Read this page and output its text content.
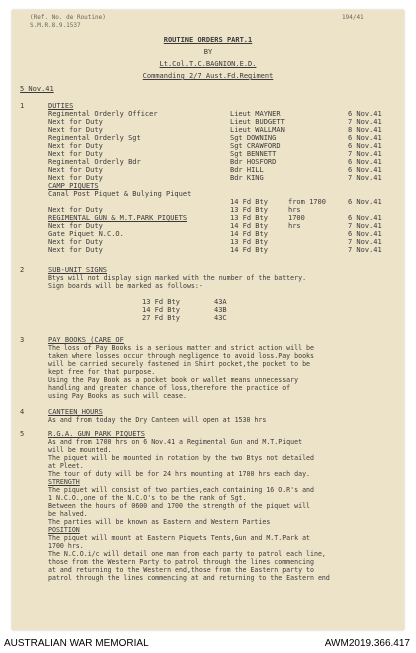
(Ref. No. de Routine)
S.M.R.8.9.1537
194/41
ROUTINE ORDERS PART.1
BY
Lt.Col.T.C.BAGNION.E.D.
Commanding 2/7 Aust.Fd.Regiment
5 Nov.41
1	DUTIES
Regimental Orderly Officer	Lieut MAYNER	6 Nov.41
Next for Duty	Lieut BUDGETT	7 Nov.41
Next for Duty	Lieut WALLMAN	8 Nov.41
Regimental Orderly Sgt	Sgt DOWNING	6 Nov.41
Next for Duty	Sgt CRAWFORD	6 Nov.41
Next for Duty	Sgt BENNETT	7 Nov.41
Regimental Orderly Bdr	Bdr HOSFORD	6 Nov.41
Next for Duty	Bdr HILL	6 Nov.41
Next for Duty	Bdr KING	7 Nov.41
CAMP PIQUETS
Canal Post Piquet & Bulying Piquet
14 Fd Bty	from 1700	6 Nov.41
Next for Duty	13 Fd Bty	hrs
REGIMENTAL GUN & M.T.PARK PIQUETS	13 Fd Bty	1700	6 Nov.41
Next for Duty	14 Fd Bty	hrs	7 Nov.41
Gate Piquet N.C.O.	14 Fd Bty	6 Nov.41
Next for Duty	13 Fd Bty	7 Nov.41
Next for Duty	14 Fd Bty	7 Nov.41
2	SUB-UNIT SIGNS
Btys will not display sign marked with the number of the battery.
Sign boards will be marked as follows:-
13 Fd Bty	43A
14 Fd Bty	43B
27 Fd Bty	43C
3	PAY BOOKS (CARE OF
The loss of Pay Books is a serious matter and strict action will be
taken where losses occur through negligence to avoid loss.Pay books
will be carried securely fastened in Shirt pocket,the pocket to be
kept free for that purpose.
Using the Pay Book as a pocket book or wallet means unnecessary
handling and greater chance of loss,therefore the practice of
using Pay Books as such will cease.
4	CANTEEN HOURS
As and from today the Dry Canteen will open at 1530 hrs
5	R.G.A. GUN PARK PIQUETS
As and from 1700 hrs on 6 Nov.41 a Regimental Gun and M.T.Piquet
will be mounted.
The piquet will be mounted in rotation by the two Btys not detailed
at Pleet.
The tour of duty will be for 24 hrs mounting at 1700 hrs each day.
STRENGTH
The piquet will consist of two parties,each containing 16 O.R's and
1 N.C.O.,one of the N.C.O's to be the rank of Sgt.
Between the hours of 0600 and 1700 the strength of the piquet will
be halved.
The parties will be known as Eastern and Western Parties
POSITION
The piquet will mount at Eastern Piquets Tents,Gun and M.T.Park at
1700 hrs.
The N.C.O.i/c will detail one man from each party to patrol each line,
those from the Western Party to patrol through the lines commencing
at and returning to the Western end,those from the Eastern party to
patrol through the lines commencing at and returning to the Eastern end
AUSTRALIAN WAR MEMORIAL	AWM2019.366.417
